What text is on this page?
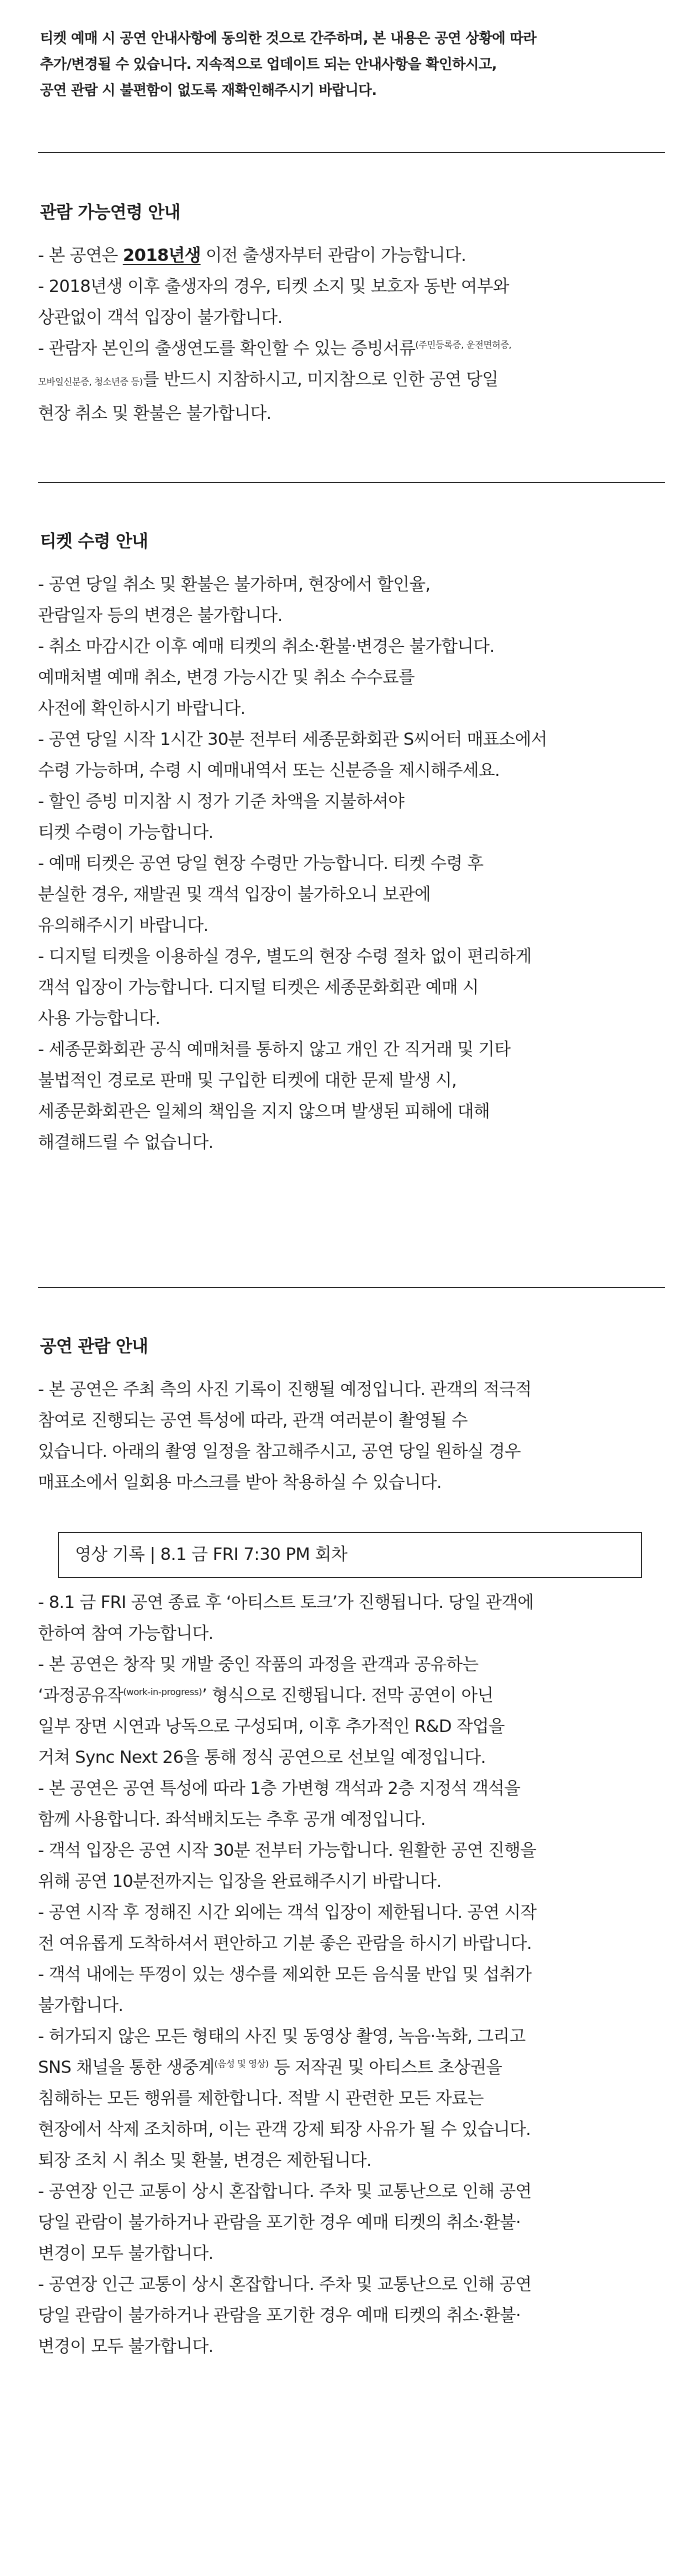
티켓 예매 시 공연 안내사항에 동의한 것으로 간주하며, 본 내용은 공연 상황에 따라
추가/변경될 수 있습니다. 지속적으로 업데이트 되는 안내사항을 확인하시고,
공연 관람 시 불편함이 없도록 재확인해주시기 바랍니다.
관람 가능연령 안내
- 본 공연은 2018년생 이전 출생자부터 관람이 가능합니다.
- 2018년생 이후 출생자의 경우, 티켓 소지 및 보호자 동반 여부와
상관없이 객석 입장이 불가합니다.
- 관람자 본인의 출생연도를 확인할 수 있는 증빙서류$^{(주민등록증, 운전면허증,}$
모바일신분증, 청소년증 등)를 반드시 지참하시고, 미지참으로 인한 공연 당일
현장 취소 및 환불은 불가합니다.
티켓 수령 안내
- 공연 당일 취소 및 환불은 불가하며, 현장에서 할인율,
관람일자 등의 변경은 불가합니다.
- 취소 마감시간 이후 예매 티켓의 취소·환불·변경은 불가합니다.
예매처별 예매 취소, 변경 가능시간 및 취소 수수료를
사전에 확인하시기 바랍니다.
- 공연 당일 시작 1시간 30분 전부터 세종문화회관 S씨어터 매표소에서
수령 가능하며, 수령 시 예매내역서 또는 신분증을 제시해주세요.
- 할인 증빙 미지참 시 정가 기준 차액을 지불하셔야
티켓 수령이 가능합니다.
- 예매 티켓은 공연 당일 현장 수령만 가능합니다. 티켓 수령 후
분실한 경우, 재발권 및 객석 입장이 불가하오니 보관에
유의해주시기 바랍니다.
- 디지털 티켓을 이용하실 경우, 별도의 현장 수령 절차 없이 편리하게
객석 입장이 가능합니다. 디지털 티켓은 세종문화회관 예매 시
사용 가능합니다.
- 세종문화회관 공식 예매처를 통하지 않고 개인 간 직거래 및 기타
불법적인 경로로 판매 및 구입한 티켓에 대한 문제 발생 시,
세종문화회관은 일체의 책임을 지지 않으며 발생된 피해에 대해
해결해드릴 수 없습니다.
공연 관람 안내
- 본 공연은 주최 측의 사진 기록이 진행될 예정입니다. 관객의 적극적
참여로 진행되는 공연 특성에 따라, 관객 여러분이 촬영될 수
있습니다. 아래의 촬영 일정을 참고해주시고, 공연 당일 원하실 경우
매표소에서 일회용 마스크를 받아 착용하실 수 있습니다.
영상 기록 | 8.1 금 FRI 7:30 PM 회차
- 8.1 금 FRI 공연 종료 후 ‘아티스트 토크’가 진행됩니다. 당일 관객에
한하여 참여 가능합니다.
- 본 공연은 창작 및 개발 중인 작품의 과정을 관객과 공유하는
‘과정공유작$^{(work-in-progress)}$’ 형식으로 진행됩니다. 전막 공연이 아닌
일부 장면 시연과 낭독으로 구성되며, 이후 추가적인 R&D 작업을
거쳐 Sync Next 26을 통해 정식 공연으로 선보일 예정입니다.
- 본 공연은 공연 특성에 따라 1층 가변형 객석과 2층 지정석 객석을
함께 사용합니다. 좌석배치도는 추후 공개 예정입니다.
- 객석 입장은 공연 시작 30분 전부터 가능합니다. 원활한 공연 진행을
위해 공연 10분전까지는 입장을 완료해주시기 바랍니다.
- 공연 시작 후 정해진 시간 외에는 객석 입장이 제한됩니다. 공연 시작
전 여유롭게 도착하셔서 편안하고 기분 좋은 관람을 하시기 바랍니다.
- 객석 내에는 뚜껑이 있는 생수를 제외한 모든 음식물 반입 및 섭취가
불가합니다.
- 허가되지 않은 모든 형태의 사진 및 동영상 촬영, 녹음·녹화, 그리고
SNS 채널을 통한 생중계$^{(음성 및 영상)}$ 등 저작권 및 아티스트 초상권을
침해하는 모든 행위를 제한합니다. 적발 시 관련한 모든 자료는
현장에서 삭제 조치하며, 이는 관객 강제 퇴장 사유가 될 수 있습니다.
퇴장 조치 시 취소 및 환불, 변경은 제한됩니다.
- 공연장 인근 교통이 상시 혼잡합니다. 주차 및 교통난으로 인해 공연
당일 관람이 불가하거나 관람을 포기한 경우 예매 티켓의 취소·환불·
변경이 모두 불가합니다.
- 공연장 인근 교통이 상시 혼잡합니다. 주차 및 교통난으로 인해 공연
당일 관람이 불가하거나 관람을 포기한 경우 예매 티켓의 취소·환불·
변경이 모두 불가합니다.
